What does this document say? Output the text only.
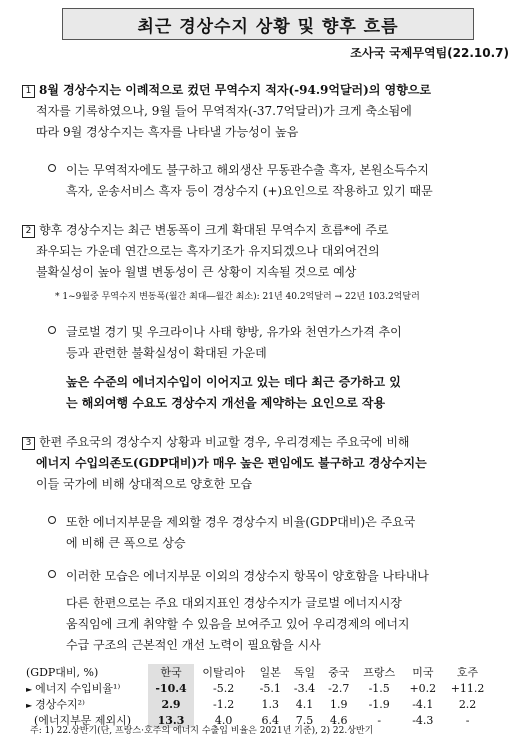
최근 경상수지 상황 및 향후 흐름
조사국 국제무역팀(22.10.7)
1 8월 경상수지는 이례적으로 컸던 무역수지 적자(-94.9억달러)의 영향으로
적자를 기록하였으나, 9월 들어 무역적자(-37.7억달러)가 크게 축소됨에
따라 9월 경상수지는 흑자를 나타낼 가능성이 높음
이는 무역적자에도 불구하고 해외생산 무동관수출 흑자, 본원소득수지
흑자, 운송서비스 흑자 등이 경상수지 (+)요인으로 작용하고 있기 때문
2 향후 경상수지는 최근 변동폭이 크게 확대된 무역수지 흐름*에 주로
좌우되는 가운데 연간으로는 흑자기조가 유지되겠으나 대외여건의
불확실성이 높아 월별 변동성이 큰 상황이 지속될 것으로 예상
* 1~9월중 무역수지 변동폭(월간 최대―월간 최소): 21년 40.2억달러 → 22년 103.2억달러
글로벌 경기 및 우크라이나 사태 향방, 유가와 천연가스가격 추이
등과 관련한 불확실성이 확대된 가운데
높은 수준의 에너지수입이 이어지고 있는 데다 최근 증가하고 있
는 해외여행 수요도 경상수지 개선을 제약하는 요인으로 작용
3 한편 주요국의 경상수지 상황과 비교할 경우, 우리경제는 주요국에 비해
에너지 수입의존도(GDP대비)가 매우 높은 편임에도 불구하고 경상수지는
이들 국가에 비해 상대적으로 양호한 모습
또한 에너지부문을 제외할 경우 경상수지 비율(GDP대비)은 주요국
에 비해 큰 폭으로 상승
이러한 모습은 에너지부문 이외의 경상수지 항목이 양호함을 나타내나
다른 한편으로는 주요 대외지표인 경상수지가 글로벌 에너지시장
움직임에 크게 취약할 수 있음을 보여주고 있어 우리경제의 에너지
수급 구조의 근본적인 개선 노력이 필요함을 시사
(GDP대비, %)	한국	이탈리아	일본	독일	중국	프랑스	미국	호주
► 에너지 수입비율¹⁾	-10.4	-5.2	-5.1	-3.4	-2.7	-1.5	+0.2	+11.2
► 경상수지²⁾	2.9	-1.2	1.3	4.1	1.9	-1.9	-4.1	2.2
(에너지부문 제외시)	13.3	4.0	6.4	7.5	4.6	-	-4.3	-
주: 1) 22.상반기(단, 프랑스·호주의 에너지 수출입 비율은 2021년 기준), 2) 22.상반기
